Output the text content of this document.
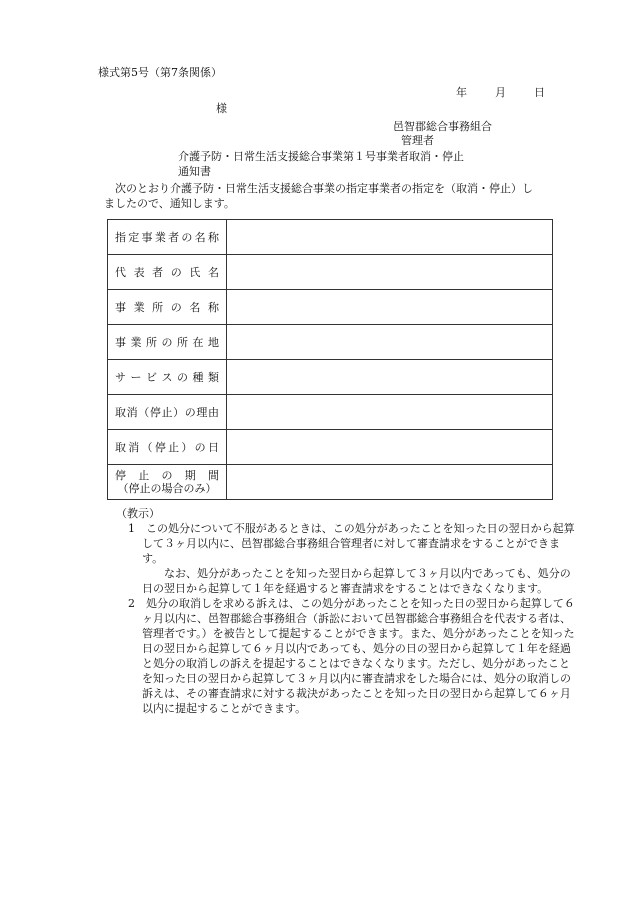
様式第5号（第7条関係）
年	月	日
様
邑智郡総合事務組合
管理者
介護予防・日常生活支援総合事業第１号事業者取消・停止
通知書

次のとおり介護予防・日常生活支援総合事業の指定事業者の指定を（取消・停止）し

ましたので、通知します。

指定事業者の名称	
代表者の氏名	
事業所の名称	
事業所の所在地	
サービスの種類	
取消（停止）の理由	
取消（停止）の日	
停止の期間
（停止の場合のみ）	

（教示）

1　この処分について不服があるときは、この処分があったことを知った日の翌日から起算して３ヶ月以内に、邑智郡総合事務組合管理者に対して審査請求をすることができます。

なお、処分があったことを知った翌日から起算して３ヶ月以内であっても、処分の日の翌日から起算して１年を経過すると審査請求をすることはできなくなります。

2　処分の取消しを求める訴えは、この処分があったことを知った日の翌日から起算して６ヶ月以内に、邑智郡総合事務組合（訴訟において邑智郡総合事務組合を代表する者は、管理者です。）を被告として提起することができます。また、処分があったことを知った日の翌日から起算して６ヶ月以内であっても、処分の日の翌日から起算して１年を経過と処分の取消しの訴えを提起することはできなくなります。ただし、処分があったことを知った日の翌日から起算して３ヶ月以内に審査請求をした場合には、処分の取消しの訴えは、その審査請求に対する裁決があったことを知った日の翌日から起算して６ヶ月以内に提起することができます。
